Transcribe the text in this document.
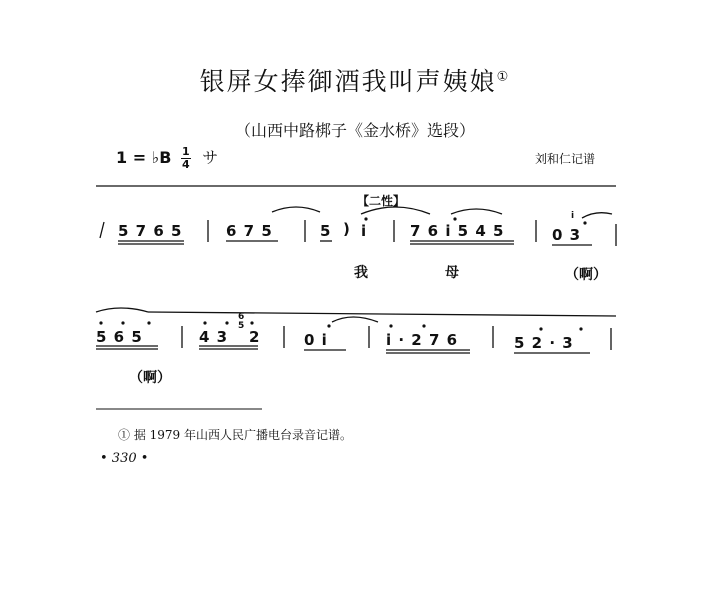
银屏女捧御酒我叫声姨娘①
（山西中路梆子《金水桥》选段）
1 = ♭B $\frac{1}{4}$ サ	刘和仁记谱
【二性】
5 7 6 5	6 7 5	5 ) i	7 6 i 5 4 5	0 3
我	母	（啊）
5 6 5	4 3 2	0 i	i · 2 7 6	5 2 · 3
6
5
i
（啊）
① 据 1979 年山西人民广播电台录音记谱。
• 330 •
